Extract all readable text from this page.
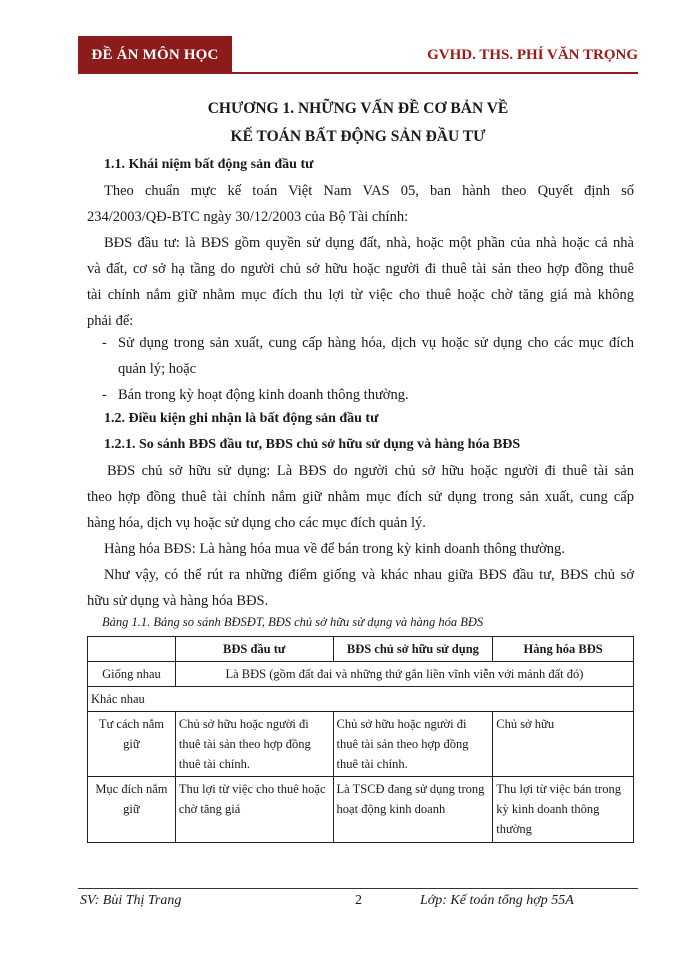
ĐỀ ÁN MÔN HỌC	GVHD. THS. PHÍ VĂN TRỌNG
CHƯƠNG 1. NHỮNG VẤN ĐỀ CƠ BẢN VỀ
KẾ TOÁN BẤT ĐỘNG SẢN ĐẦU TƯ
1.1. Khái niệm bất động sản đầu tư
Theo chuẩn mực kế toán Việt Nam VAS 05, ban hành theo Quyết định số
234/2003/QĐ-BTC ngày 30/12/2003 của Bộ Tài chính:
BĐS đầu tư: là BĐS gồm quyền sử dụng đất, nhà, hoặc một phần của nhà hoặc cả nhà
và đất, cơ sở hạ tầng do người chủ sở hữu hoặc người đi thuê tài sản theo hợp đồng thuê
tài chính nắm giữ nhằm mục đích thu lợi từ việc cho thuê hoặc chờ tăng giá mà không
phải để:
- Sử dụng trong sản xuất, cung cấp hàng hóa, dịch vụ hoặc sử dụng cho các mục đích
quản lý; hoặc
- Bán trong kỳ hoạt động kinh doanh thông thường.
1.2. Điều kiện ghi nhận là bất động sản đầu tư
1.2.1. So sánh BĐS đầu tư, BĐS chủ sở hữu sử dụng và hàng hóa BĐS
BĐS chủ sở hữu sử dụng: Là BĐS do người chủ sở hữu hoặc người đi thuê tài sản
theo hợp đồng thuê tài chính nắm giữ nhằm mục đích sử dụng trong sản xuất, cung cấp
hàng hóa, dịch vụ hoặc sử dụng cho các mục đích quản lý.
Hàng hóa BĐS: Là hàng hóa mua về để bán trong kỳ kinh doanh thông thường.
Như vậy, có thể rút ra những điểm giống và khác nhau giữa BĐS đầu tư, BĐS chủ sở
hữu sử dụng và hàng hóa BĐS.
Bảng 1.1. Bảng so sánh BĐSĐT, BĐS chủ sở hữu sử dụng và hàng hóa BĐS
	BĐS đầu tư	BĐS chủ sở hữu sử dụng	Hàng hóa BĐS
Giống nhau	Là BĐS (gồm đất đai và những thứ gắn liền vĩnh viễn với mảnh đất đó)		
Khác nhau			
Tư cách nắm giữ	Chủ sở hữu hoặc người đi thuê tài sản theo hợp đồng thuê tài chính.	Chủ sở hữu hoặc người đi thuê tài sản theo hợp đồng thuê tài chính.	Chủ sở hữu
Mục đích nắm giữ	Thu lợi từ việc cho thuê hoặc chờ tăng giá	Là TSCĐ đang sử dụng trong hoạt động kinh doanh	Thu lợi từ việc bán trong kỳ kinh doanh thông thường
SV: Bùi Thị Trang	2	Lớp: Kế toán tổng hợp 55A
